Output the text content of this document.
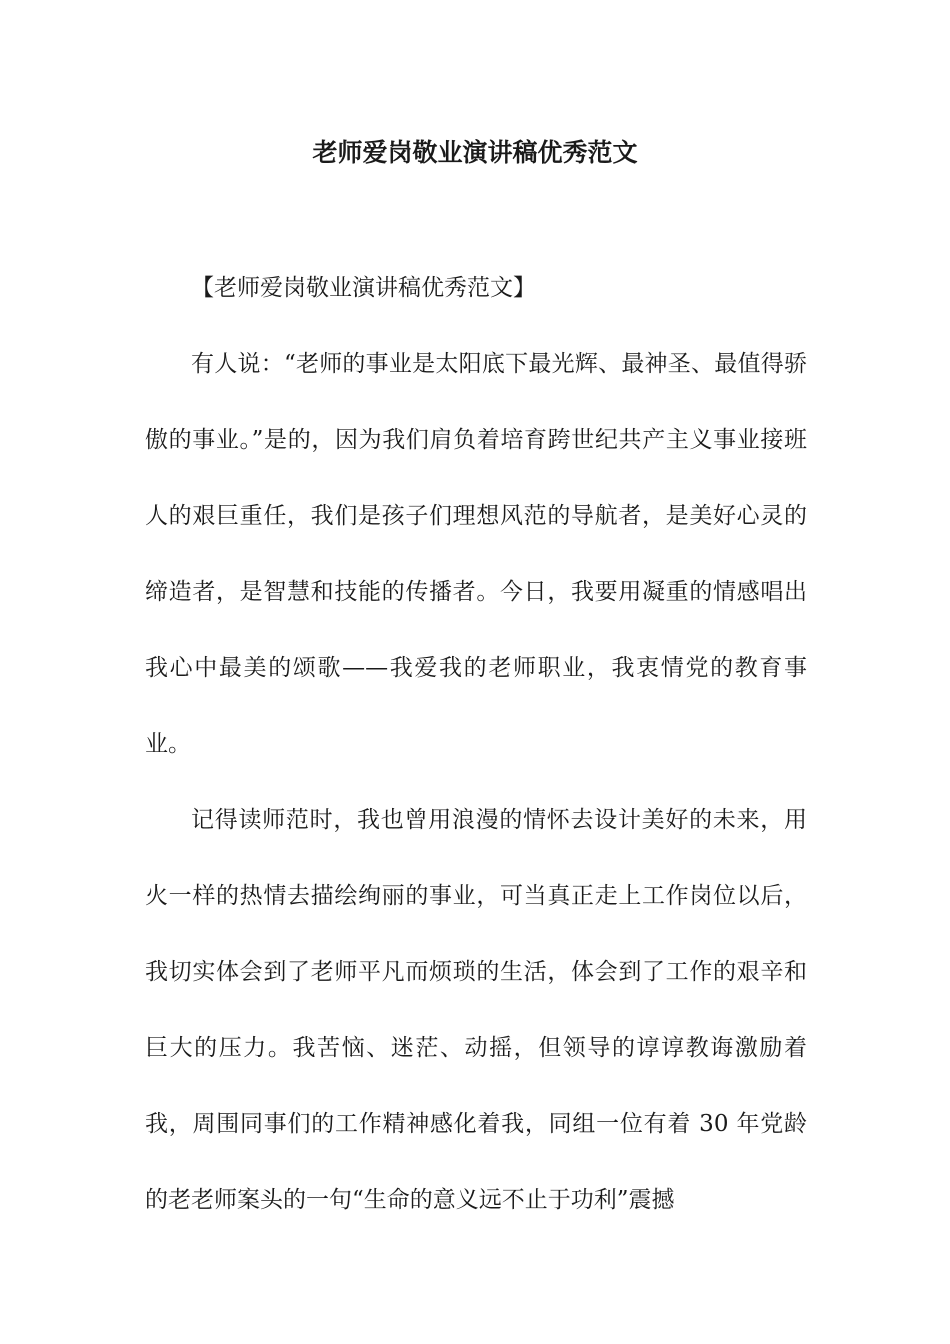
老师爱岗敬业演讲稿优秀范文

【老师爱岗敬业演讲稿优秀范文】

有人说：“老师的事业是太阳底下最光辉、最神圣、最值得骄傲的事业。”是的，因为我们肩负着培育跨世纪共产主义事业接班人的艰巨重任，我们是孩子们理想风范的导航者，是美好心灵的缔造者，是智慧和技能的传播者。今日，我要用凝重的情感唱出我心中最美的颂歌——我爱我的老师职业，我衷情党的教育事业。

记得读师范时，我也曾用浪漫的情怀去设计美好的未来，用火一样的热情去描绘绚丽的事业，可当真正走上工作岗位以后，我切实体会到了老师平凡而烦琐的生活，体会到了工作的艰辛和巨大的压力。我苦恼、迷茫、动摇，但领导的谆谆教诲激励着我，周围同事们的工作精神感化着我，同组一位有着 30 年党龄的老老师案头的一句“生命的意义远不止于功利”震撼
